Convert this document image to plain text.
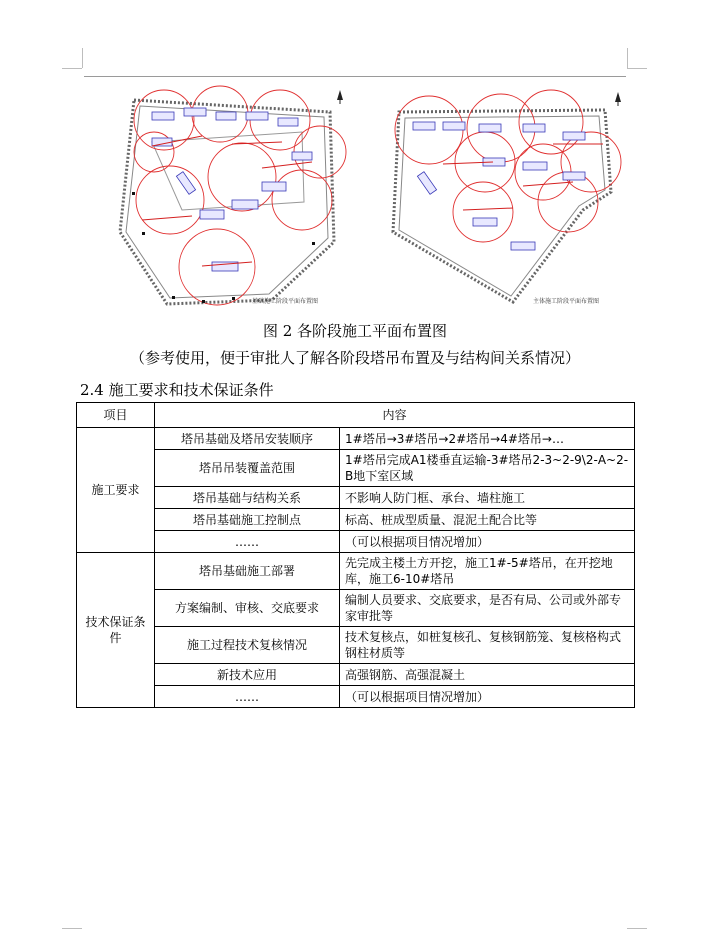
基础施工阶段平面布置图	主体施工阶段平面布置图
图 2 各阶段施工平面布置图
（参考使用，便于审批人了解各阶段塔吊布置及与结构间关系情况）
2.4 施工要求和技术保证条件
项目	内容	
施工要求	塔吊基础及塔吊安装顺序	1#塔吊→3#塔吊→2#塔吊→4#塔吊→…
	塔吊吊装覆盖范围	1#塔吊完成A1楼垂直运输-3#塔吊2-3~2-9\2-A~2-B地下室区域
	塔吊基础与结构关系	不影响人防门框、承台、墙柱施工
	塔吊基础施工控制点	标高、桩成型质量、混泥土配合比等
	……	（可以根据项目情况增加）
技术保证条件	塔吊基础施工部署	先完成主楼土方开挖，施工1#-5#塔吊，在开挖地库，施工6-10#塔吊
	方案编制、审核、交底要求	编制人员要求、交底要求，是否有局、公司或外部专家审批等
	施工过程技术复核情况	技术复核点，如桩复核孔、复核钢筋笼、复核格构式钢柱材质等
	新技术应用	高强钢筋、高强混凝土
	……	（可以根据项目情况增加）
